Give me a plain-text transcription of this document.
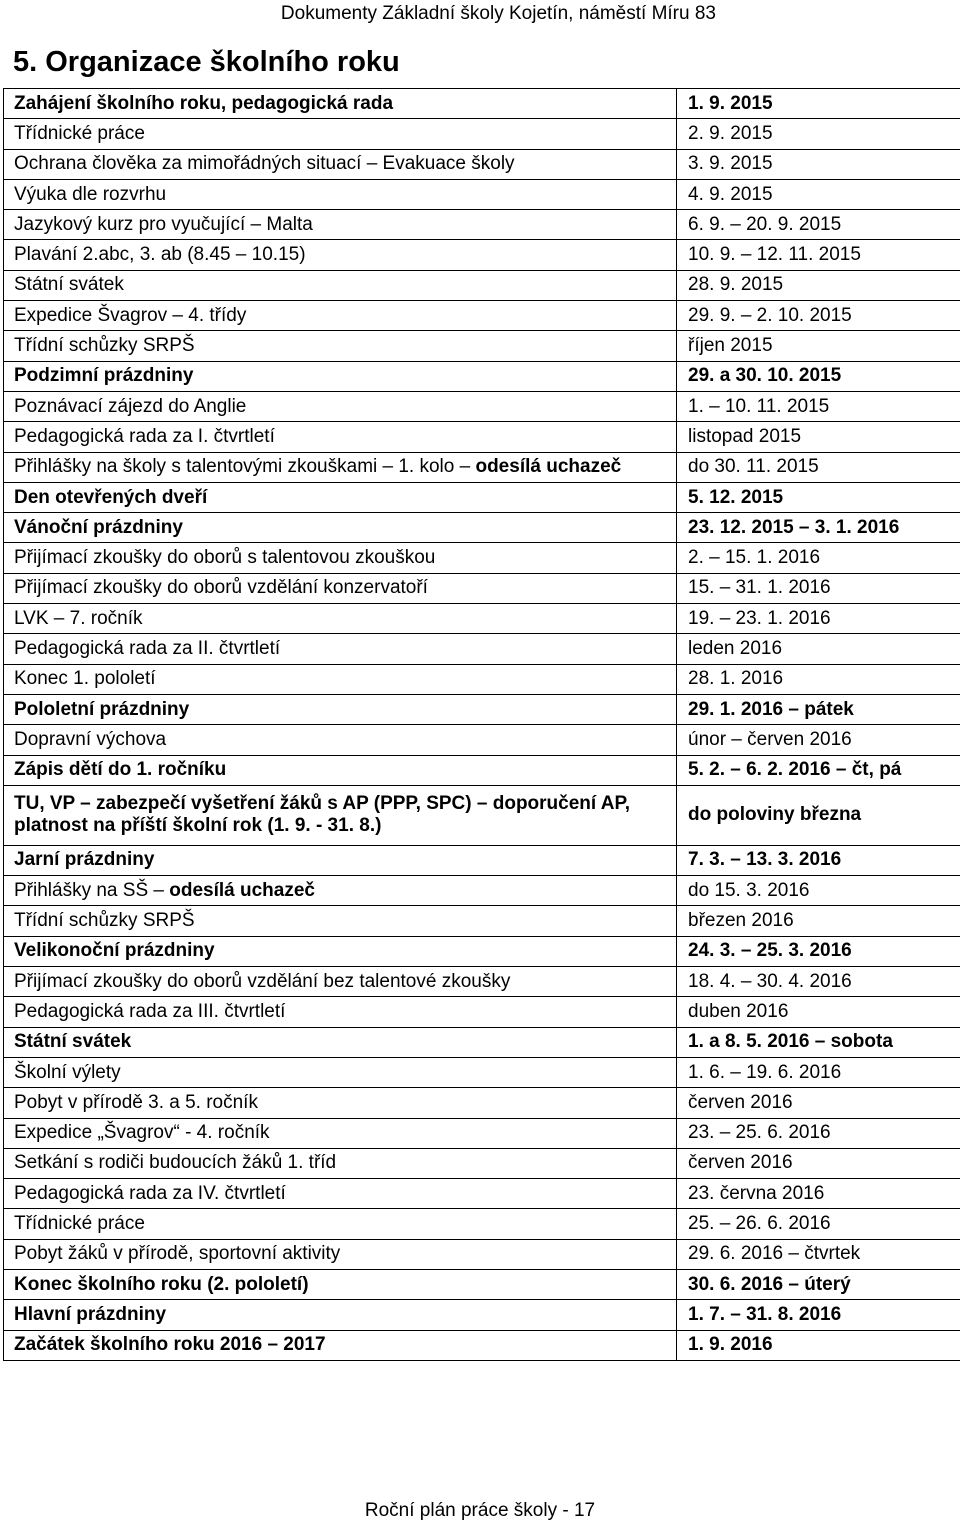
Dokumenty Základní školy Kojetín, náměstí Míru 83
5. Organizace školního roku
Zahájení školního roku, pedagogická rada	1. 9. 2015
Třídnické práce	2. 9. 2015
Ochrana člověka za mimořádných situací – Evakuace školy	3. 9. 2015
Výuka dle rozvrhu	4. 9. 2015
Jazykový kurz pro vyučující – Malta	6. 9. – 20. 9. 2015
Plavání 2.abc, 3. ab (8.45 – 10.15)	10. 9. – 12. 11. 2015
Státní svátek	28. 9. 2015
Expedice Švagrov – 4. třídy	29. 9. – 2. 10. 2015
Třídní schůzky SRPŠ	říjen 2015
Podzimní prázdniny	29. a 30. 10. 2015
Poznávací zájezd do Anglie	1. – 10. 11. 2015
Pedagogická rada za I. čtvrtletí	listopad 2015
Přihlášky na školy s talentovými zkouškami – 1. kolo – odesílá uchazeč	do 30. 11. 2015
Den otevřených dveří	5. 12. 2015
Vánoční prázdniny	23. 12. 2015 – 3. 1. 2016
Přijímací zkoušky do oborů s talentovou zkouškou	2. – 15. 1. 2016
Přijímací zkoušky do oborů vzdělání konzervatoří	15. – 31. 1. 2016
LVK – 7. ročník	19. – 23. 1. 2016
Pedagogická rada za II. čtvrtletí	leden 2016
Konec 1. pololetí	28. 1. 2016
Pololetní prázdniny	29. 1. 2016 – pátek
Dopravní výchova	únor – červen 2016
Zápis dětí do 1. ročníku	5. 2. – 6. 2. 2016 – čt, pá
TU, VP – zabezpečí vyšetření žáků s AP (PPP, SPC) – doporučení AP, platnost na příští školní rok (1. 9. - 31. 8.)	do poloviny března
Jarní prázdniny	7. 3. – 13. 3. 2016
Přihlášky na SŠ – odesílá uchazeč	do 15. 3. 2016
Třídní schůzky SRPŠ	březen 2016
Velikonoční prázdniny	24. 3. – 25. 3. 2016
Přijímací zkoušky do oborů vzdělání bez talentové zkoušky	18. 4. – 30. 4. 2016
Pedagogická rada za III. čtvrtletí	duben 2016
Státní svátek	1. a 8. 5. 2016 – sobota
Školní výlety	1. 6. – 19. 6. 2016
Pobyt v přírodě 3. a 5. ročník	červen 2016
Expedice „Švagrov“ - 4. ročník	23. – 25. 6. 2016
Setkání s rodiči budoucích žáků 1. tříd	červen 2016
Pedagogická rada za IV. čtvrtletí	23. června 2016
Třídnické práce	25. – 26. 6. 2016
Pobyt žáků v přírodě, sportovní aktivity	29. 6. 2016 – čtvrtek
Konec školního roku (2. pololetí)	30. 6. 2016 – úterý
Hlavní prázdniny	1. 7. – 31. 8. 2016
Začátek školního roku 2016 – 2017	1. 9. 2016
Roční plán práce školy - 17
